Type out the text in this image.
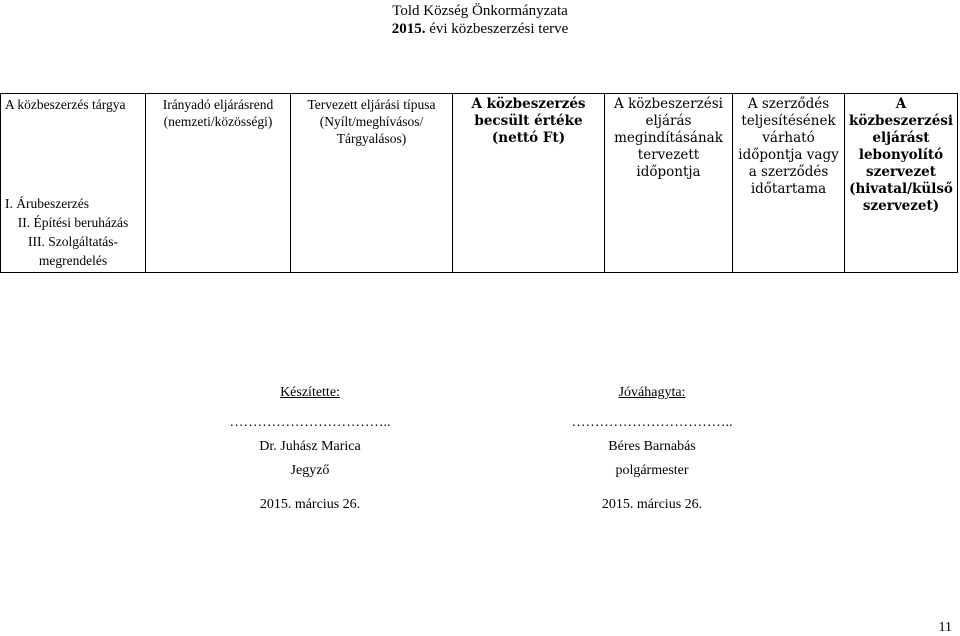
Told Község Önkormányzata
2015. évi közbeszerzési terve
A közbeszerzés tárgya
I. Árubeszerzés
II. Építési beruházás
III. Szolgáltatás-megrendelés
	Irányadó eljárásrend (nemzeti/közösségi)	Tervezett eljárási típusa (Nyílt/meghívásos/ Tárgyalásos)	A közbeszerzés becsült értéke (nettó Ft)	A közbeszerzési eljárás megindításának tervezett időpontja	A szerződés teljesítésének várható időpontja vagy a szerződés időtartama	A közbeszerzési eljárást lebonyolító szervezet (hivatal/külső szervezet)
Készítette:
……………………………..
Dr. Juhász Marica
Jegyző
2015. március 26.
Jóváhagyta:
……………………………..
Béres Barnabás
polgármester
2015. március 26.
11
